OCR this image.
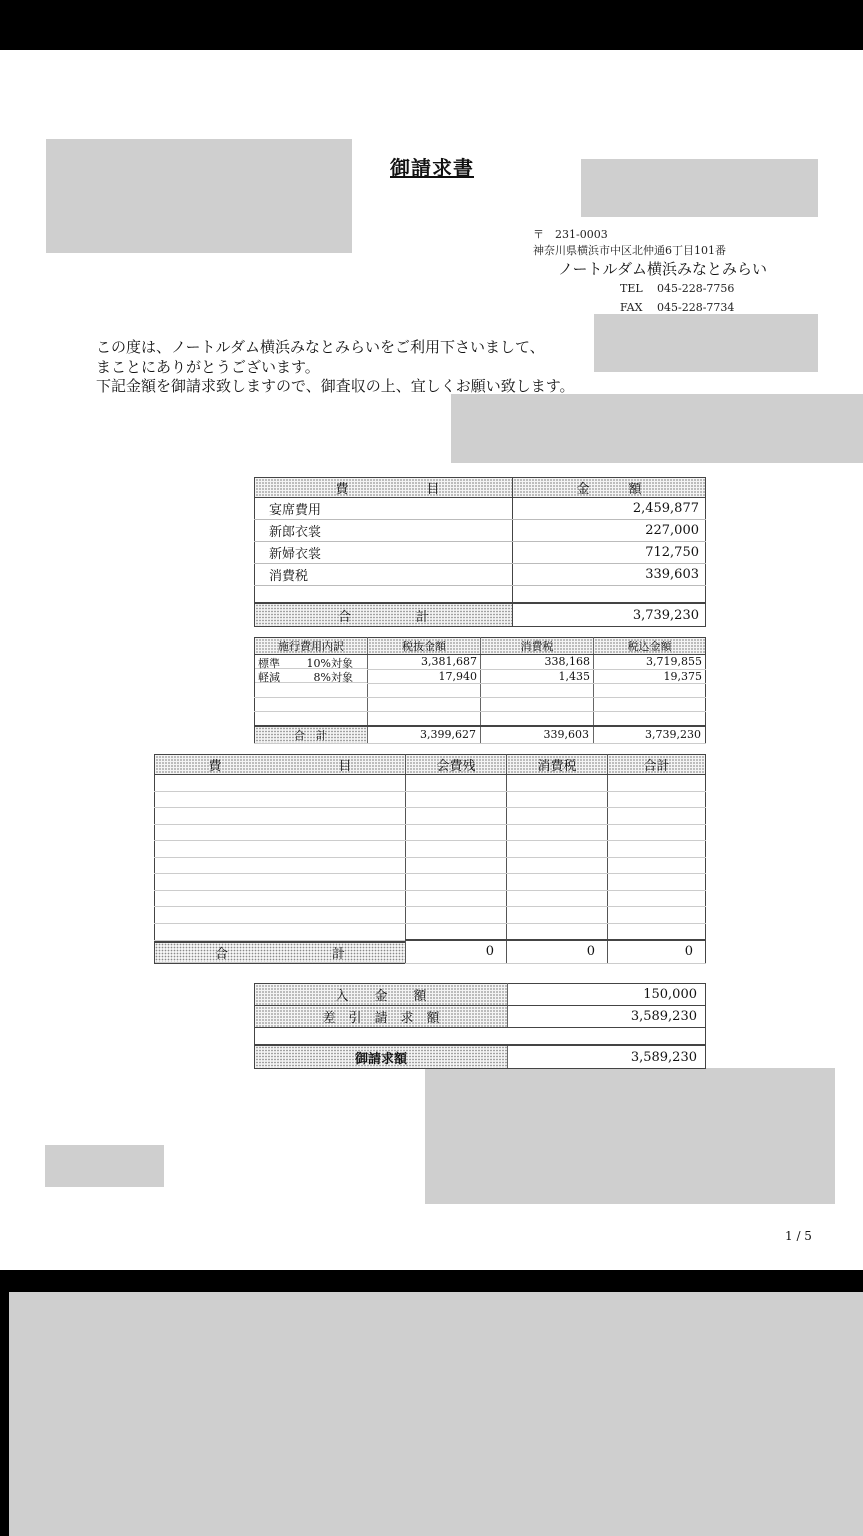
御請求書
〒　231-0003
神奈川県横浜市中区北仲通6丁目101番
ノートルダム横浜みなとみらい
TEL 045-228-7756
FAX 045-228-7734
この度は、ノートルダム横浜みなとみらいをご利用下さいまして、
まことにありがとうございます。
下記金額を御請求致しますので、御査収の上、宜しくお願い致します。
費　　　　　　目	金　　　額
宴席費用	2,459,877
新郎衣裳	227,000
新婦衣裳	712,750
消費税	339,603

合　　　　　計	3,739,230
施行費用内訳	税抜金額	消費税	税込金額

標準 10%対象	3,381,687	338,168	3,719,855

軽減	8%対象	17,940	1,435	19,375

合　計	3,399,627	339,603	3,739,230
費　　　　　　　　　目	会費残	消費税	合計

合	計	0	0	0
入　　金　　額	150,000
差　引　請　求　額	3,589,230

御請求額	3,589,230
1 / 5
